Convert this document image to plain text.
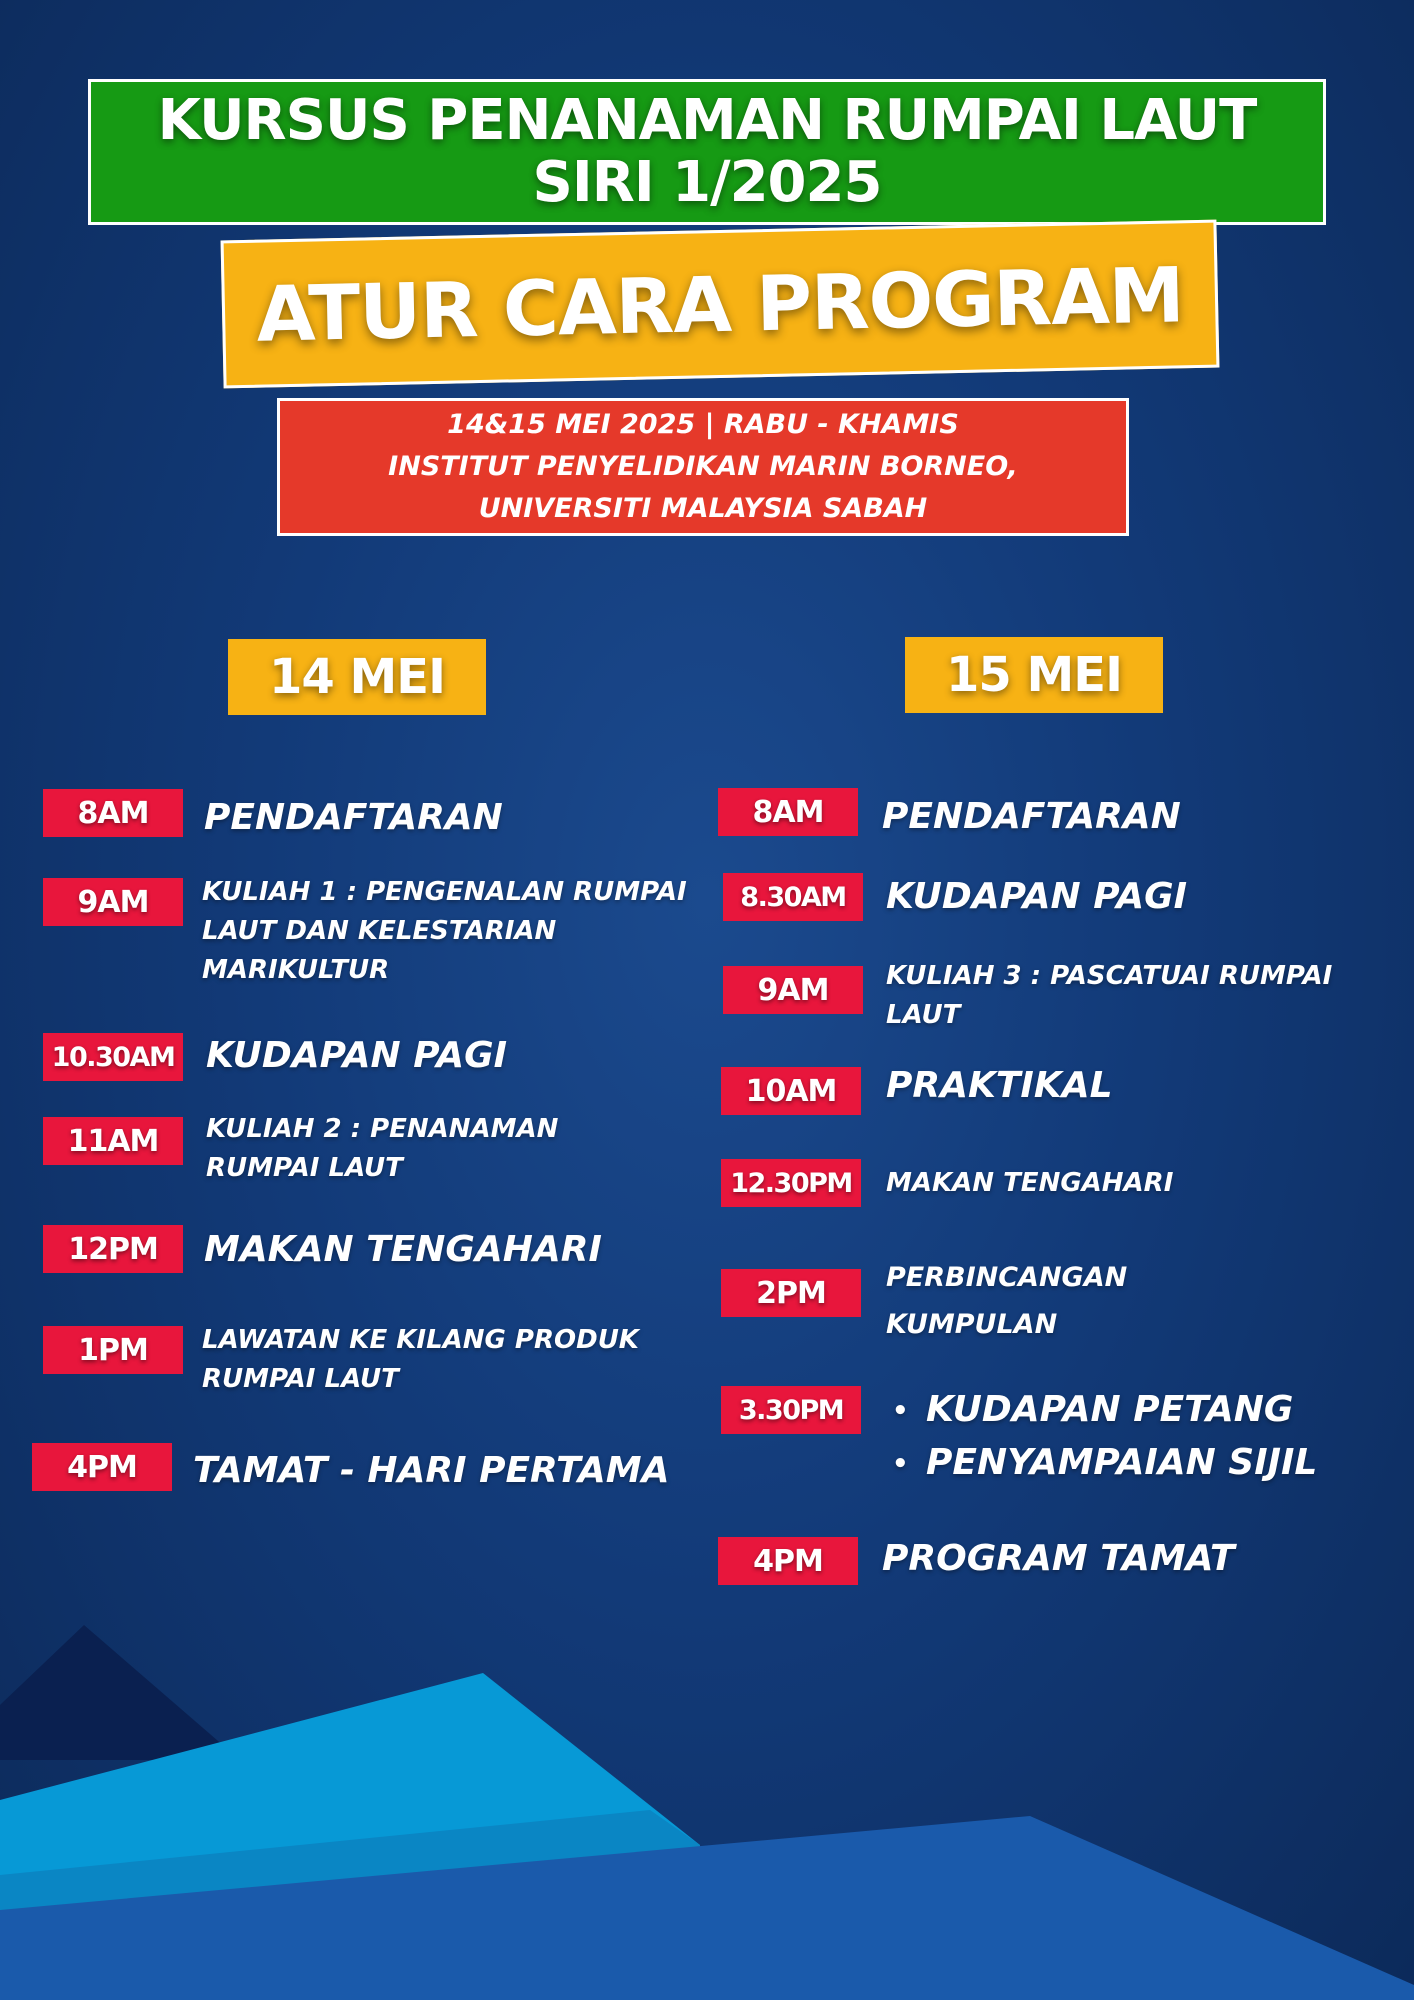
KURSUS PENANAMAN RUMPAI LAUT
SIRI 1/2025
ATUR CARA PROGRAM
14&15 MEI 2025 | RABU - KHAMIS
INSTITUT PENYELIDIKAN MARIN BORNEO,
UNIVERSITI MALAYSIA SABAH
14 MEI
8AM PENDAFTARAN
9AM KULIAH 1 : PENGENALAN RUMPAI
LAUT DAN KELESTARIAN
MARIKULTUR
10.30AM KUDAPAN PAGI
11AM KULIAH 2 : PENANAMAN
RUMPAI LAUT
12PM MAKAN TENGAHARI
1PM LAWATAN KE KILANG PRODUK
RUMPAI LAUT
4PM TAMAT - HARI PERTAMA
15 MEI
8AM PENDAFTARAN
8.30AM KUDAPAN PAGI
9AM KULIAH 3 : PASCATUAI RUMPAI
LAUT
10AM PRAKTIKAL
12.30PM MAKAN TENGAHARI
2PM PERBINCANGAN
KUMPULAN
3.30PM • KUDAPAN PETANG
• PENYAMPAIAN SIJIL
4PM PROGRAM TAMAT
